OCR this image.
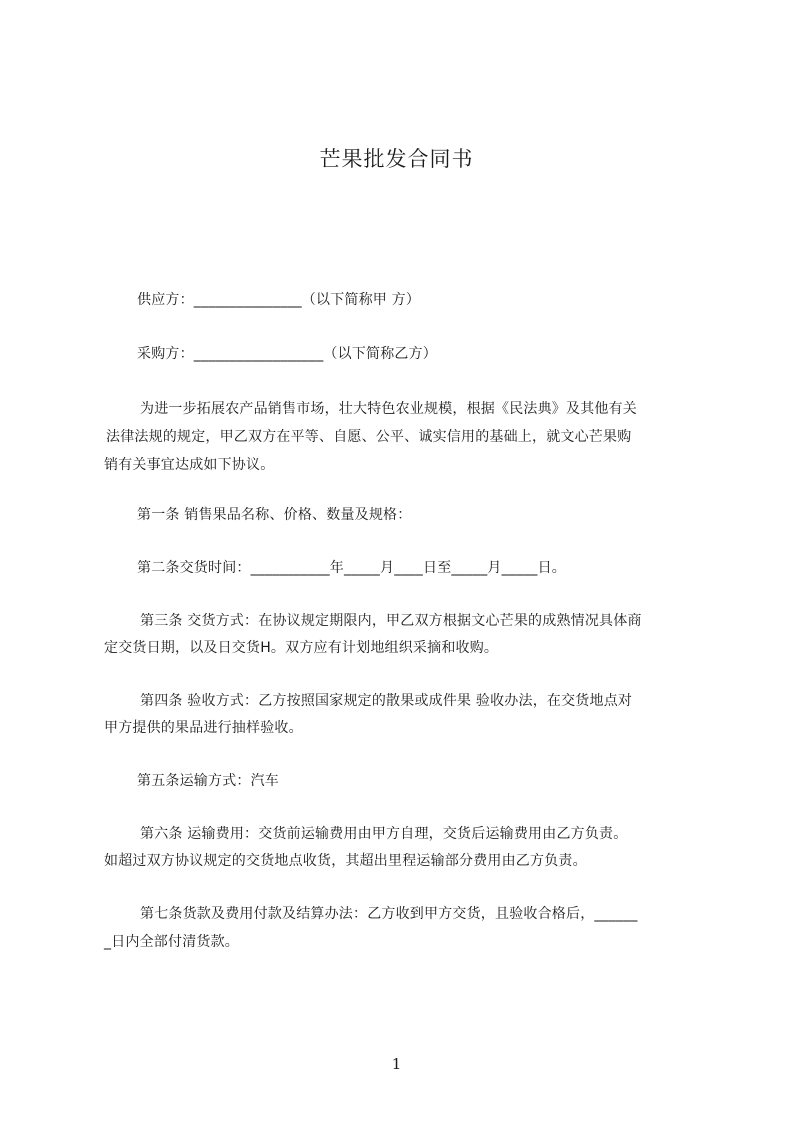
芒果批发合同书
供应方：_______________（以下简称甲 方）
采购方：__________________（以下简称乙方）
为进一步拓展农产品销售市场，壮大特色农业规模，根据《民法典》及其他有关
法律法规的规定，甲乙双方在平等、自愿、公平、诚实信用的基础上，就文心芒果购
销有关事宜达成如下协议。
第一条 销售果品名称、价格、数量及规格：
第二条交货时间：___________年_____月____日至_____月_____日。
第三条 交货方式：在协议规定期限内，甲乙双方根据文心芒果的成熟情况具体商
定交货日期，以及日交货H。双方应有计划地组织采摘和收购。
第四条 验收方式：乙方按照国家规定的散果或成件果 验收办法，在交货地点对
甲方提供的果品进行抽样验收。
第五条运输方式：汽车
第六条 运输费用：交货前运输费用由甲方自理，交货后运输费用由乙方负责。
如超过双方协议规定的交货地点收货，其超出里程运输部分费用由乙方负责。
第七条货款及费用付款及结算办法：乙方收到甲方交货，且验收合格后，______
_日内全部付清货款。
1
